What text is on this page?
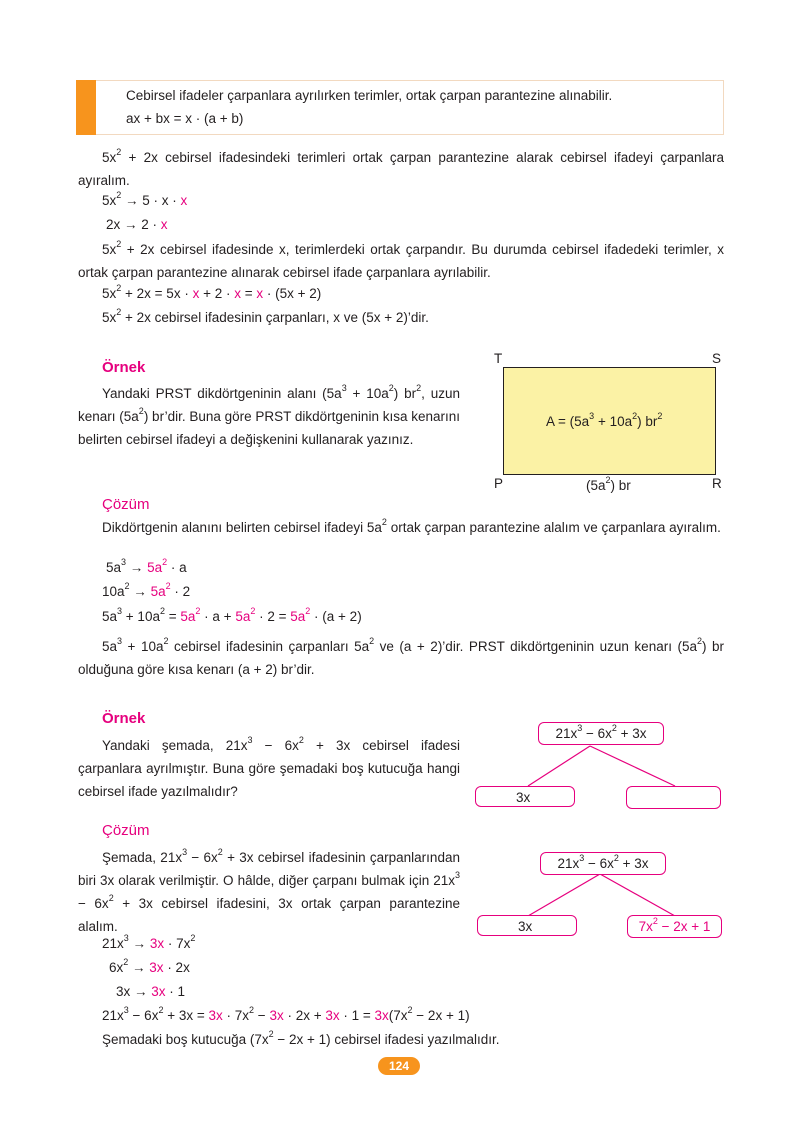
Cebirsel ifadeler çarpanlara ayrılırken terimler, ortak çarpan parantezine alınabilir.
ax + bx = x · (a + b)
$5x^2 + 2x$ cebirsel ifadesindeki terimleri ortak çarpan parantezine alarak cebirsel ifadeyi çarpanlara ayıralım.
$5x^2 \to 5 \cdot x \cdot x$
2x → 2 · x
$5x^2 + 2x$ cebirsel ifadesinde x, terimlerdeki ortak çarpandır. Bu durumda cebirsel ifadedeki terimler, x ortak çarpan parantezine alınarak cebirsel ifade çarpanlara ayrılabilir.
$5x^2 + 2x = 5x \cdot x + 2 \cdot x = x \cdot (5x + 2)$
$5x^2 + 2x$ cebirsel ifadesinin çarpanları, x ve (5x + 2)’dir.
Örnek
Yandaki PRST dikdörtgeninin alanı $(5a^3 + 10a^2)$ $br^2$, uzun kenarı $(5a^2)$ br’dir. Buna göre PRST dikdörtgeninin kısa kenarını belirten cebirsel ifadeyi a değişkenini kullanarak yazınız.
T	S
P	R
$A = (5a^3 + 10a^2)$ $br^2$
$(5a^2)$ br
Çözüm
Dikdörtgenin alanını belirten cebirsel ifadeyi $5a^2$ ortak çarpan parantezine alalım ve çarpanlara ayıralım.
$5a^3 \to 5a^2 \cdot a$
$10a^2 \to 5a^2 \cdot 2$
$5a^3 + 10a^2 = 5a^2 \cdot a + 5a^2 \cdot 2 = 5a^2 \cdot (a + 2)$
$5a^3 + 10a^2$ cebirsel ifadesinin çarpanları $5a^2$ ve (a + 2)’dir. PRST dikdörtgeninin uzun kenarı $(5a^2)$ br olduğuna göre kısa kenarı (a + 2) br’dir.
Örnek
Yandaki şemada, $21x^3 - 6x^2 + 3x$ cebirsel ifadesi çarpanlara ayrılmıştır. Buna göre şemadaki boş kutucuğa hangi cebirsel ifade yazılmalıdır?
$21x^3 - 6x^2 + 3x$
3x
Çözüm
Şemada, $21x^3 - 6x^2 + 3x$ cebirsel ifadesinin çarpanlarından biri 3x olarak verilmiştir. O hâlde, diğer çarpanı bulmak için $21x^3 - 6x^2 + 3x$ cebirsel ifadesini, 3x ortak çarpan parantezine alalım.
$21x^3 - 6x^2 + 3x$
3x	$7x^2 - 2x + 1$
$21x^3 \to 3x \cdot 7x^2$
$6x^2 \to 3x \cdot 2x$
3x → 3x · 1
$21x^3 - 6x^2 + 3x = 3x \cdot 7x^2 - 3x \cdot 2x + 3x \cdot 1 = 3x(7x^2 - 2x + 1)$
Şemadaki boş kutucuğa $(7x^2 - 2x + 1)$ cebirsel ifadesi yazılmalıdır.
124
